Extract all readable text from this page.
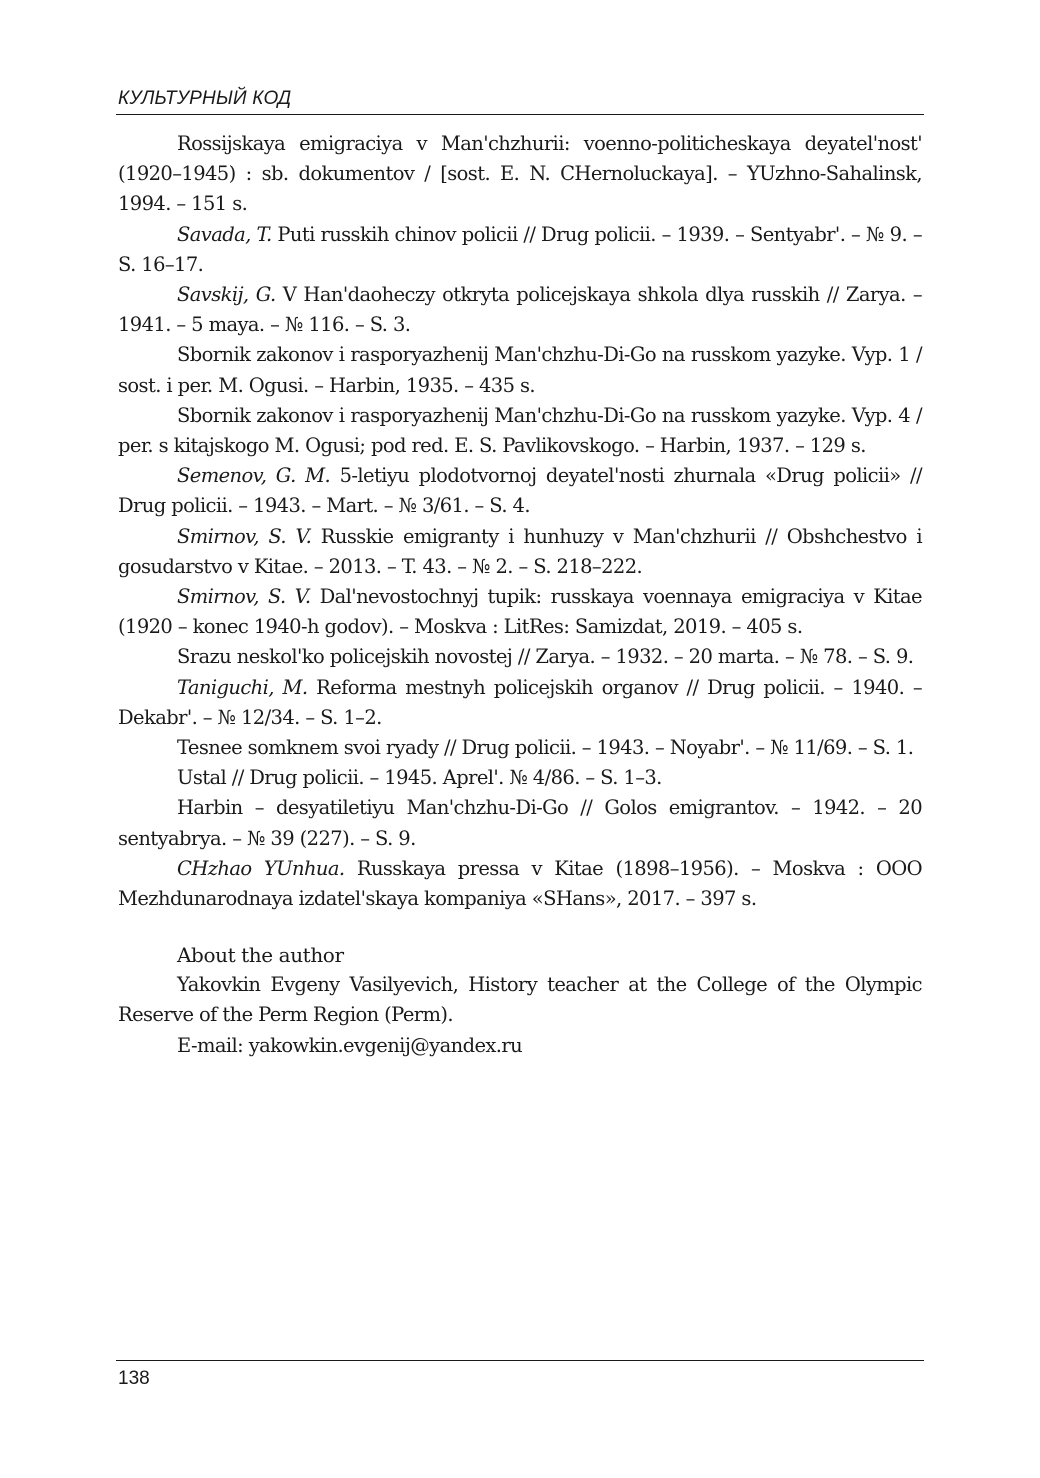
КУЛЬТУРНЫЙ КОД

Rossijskaya emigraciya v Man'chzhurii: voenno-politicheskaya deyatel'nost' (1920–1945) : sb. dokumentov / [sost. E. N. CHernoluckaya]. – YUzhno-Sahalinsk, 1994. – 151 s.

Savada, T. Puti russkih chinov policii // Drug policii. – 1939. – Sentyabr'. – № 9. – S. 16–17.

Savskij, G. V Han'daoheczy otkryta policejskaya shkola dlya russkih // Zarya. – 1941. – 5 maya. – № 116. – S. 3.

Sbornik zakonov i rasporyazhenij Man'chzhu-Di-Go na russkom yazyke. Vyp. 1 / sost. i per. M. Ogusi. – Harbin, 1935. – 435 s.

Sbornik zakonov i rasporyazhenij Man'chzhu-Di-Go na russkom yazyke. Vyp. 4 / per. s kitajskogo M. Ogusi; pod red. E. S. Pavlikovskogo. – Harbin, 1937. – 129 s.

Semenov, G. M. 5-letiyu plodotvornoj deyatel'nosti zhurnala «Drug policii» // Drug policii. – 1943. – Mart. – № 3/61. – S. 4.

Smirnov, S. V. Russkie emigranty i hunhuzy v Man'chzhurii // Obshchestvo i gosudarstvo v Kitae. – 2013. – T. 43. – № 2. – S. 218–222.

Smirnov, S. V. Dal'nevostochnyj tupik: russkaya voennaya emigraciya v Kitae (1920 – konec 1940-h godov). – Moskva : LitRes: Samizdat, 2019. – 405 s.

Srazu neskol'ko policejskih novostej // Zarya. – 1932. – 20 marta. – № 78. – S. 9.

Taniguchi, M. Reforma mestnyh policejskih organov // Drug policii. – 1940. – Dekabr'. – № 12/34. – S. 1–2.

Tesnee somknem svoi ryady // Drug policii. – 1943. – Noyabr'. – № 11/69. – S. 1.

Ustal // Drug policii. – 1945. Aprel'. № 4/86. – S. 1–3.

Harbin – desyatiletiyu Man'chzhu-Di-Go // Golos emigrantov. – 1942. – 20 sentyabrya. – № 39 (227). – S. 9.

CHzhao YUnhua. Russkaya pressa v Kitae (1898–1956). – Moskva : OOO Mezhdunarodnaya izdatel'skaya kompaniya «SHans», 2017. – 397 s.

About the author

Yakovkin Evgeny Vasilyevich, History teacher at the College of the Olympic Reserve of the Perm Region (Perm).

E-mail: yakowkin.evgenij@yandex.ru

138
